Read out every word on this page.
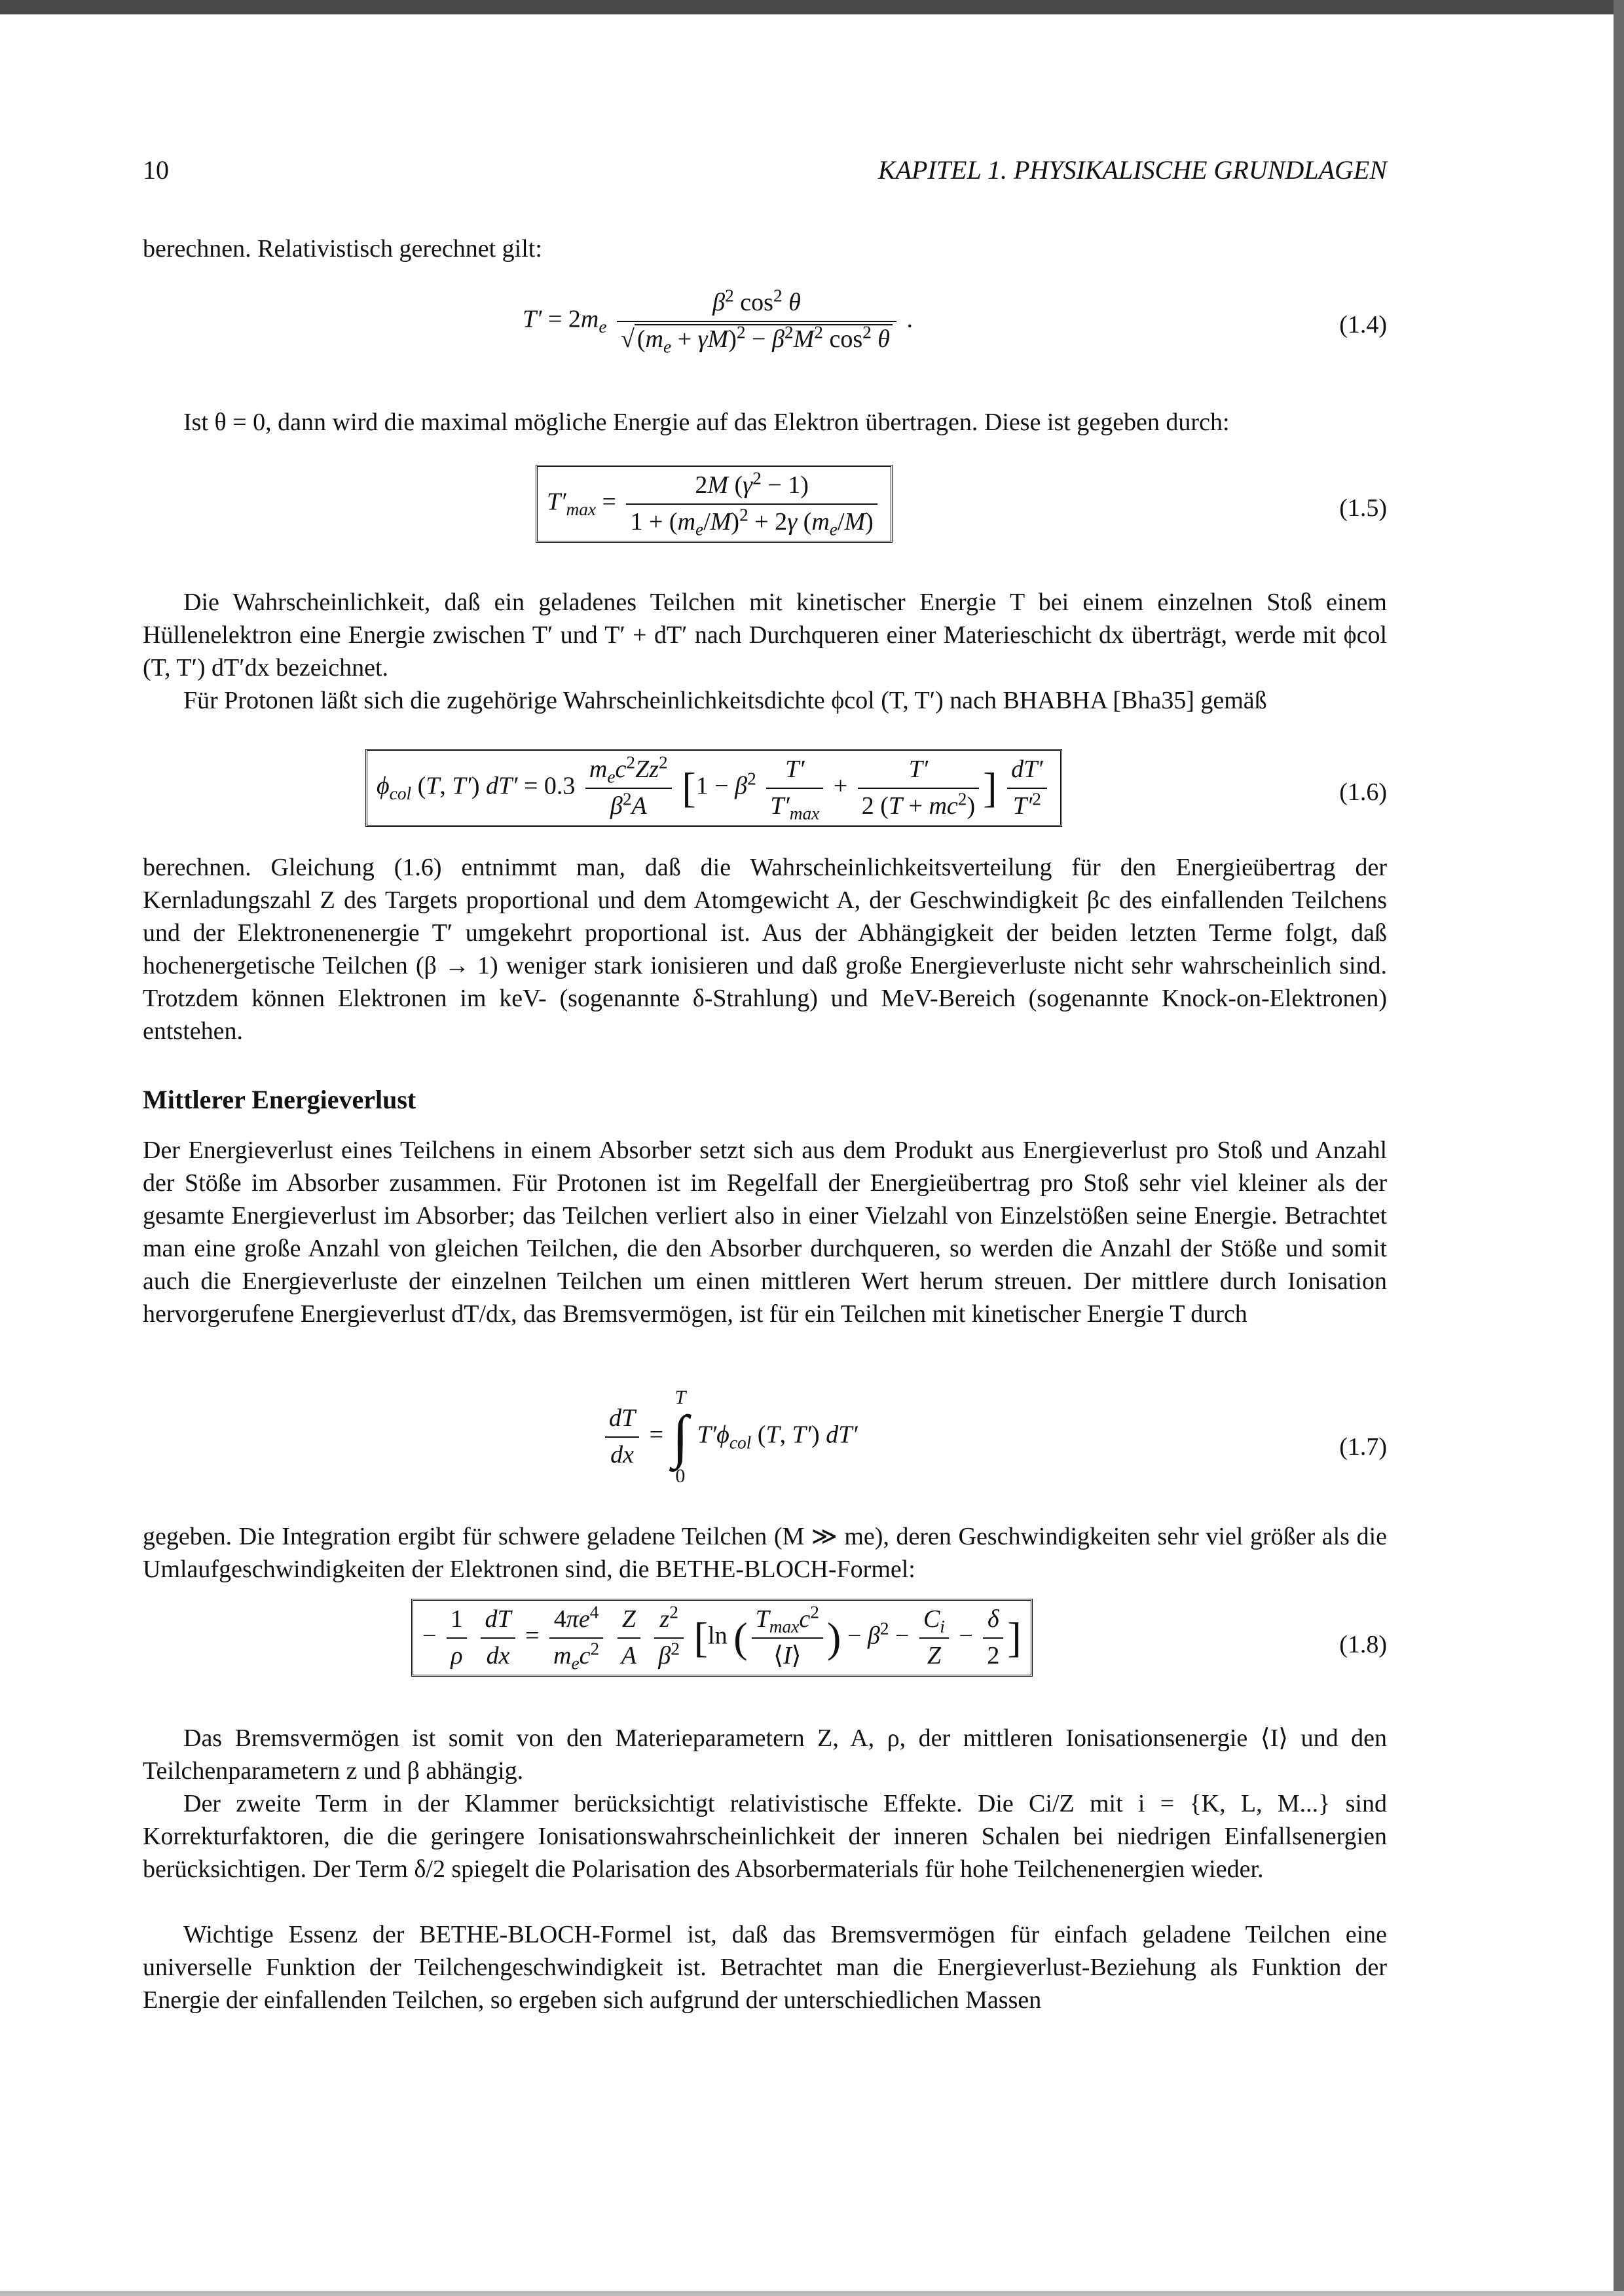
10	KAPITEL 1. PHYSIKALISCHE GRUNDLAGEN
berechnen. Relativistisch gerechnet gilt:
$T' = 2m_e \frac{\beta^2 \cos^2 \theta}{√ (m_e + \gamma M)^2 - \beta^2M^2 \cos^2 \theta}$ .	(1.4)
Ist θ = 0, dann wird die maximal mögliche Energie auf das Elektron übertragen. Diese ist gegeben durch:
$T'_{max} = \frac{2M (\gamma^2 - 1)}{1 + (m_e/M)^2 + 2\gamma (m_e/M)}$	(1.5)
Die Wahrscheinlichkeit, daß ein geladenes Teilchen mit kinetischer Energie T bei einem einzelnen Stoß einem Hüllenelektron eine Energie zwischen T′ und T′ + dT′ nach Durchqueren einer Materieschicht dx überträgt, werde mit ϕcol (T, T′) dT′dx bezeichnet.
Für Protonen läßt sich die zugehörige Wahrscheinlichkeitsdichte ϕcol (T, T′) nach BHABHA [Bha35] gemäß
$\phi_{col}$ (T, T′) $dT' = 0.3 \frac{m_ec^2Zz^2}{\beta^2A} [1 - \beta^2 \frac{T'}{T'_{max}} + \frac{T'}{2 (T + mc^2)}$ ] $\frac{dT'}{T'^2}$	(1.6)
berechnen. Gleichung (1.6) entnimmt man, daß die Wahrscheinlichkeitsverteilung für den Energieübertrag der Kernladungszahl Z des Targets proportional und dem Atomgewicht A, der Geschwindigkeit βc des einfallenden Teilchens und der Elektronenenergie T′ umgekehrt proportional ist. Aus der Abhängigkeit der beiden letzten Terme folgt, daß hochenergetische Teilchen (β → 1) weniger stark ionisieren und daß große Energieverluste nicht sehr wahrscheinlich sind. Trotzdem können Elektronen im keV- (sogenannte δ-Strahlung) und MeV-Bereich (sogenannte Knock-on-Elektronen) entstehen.
Mittlerer Energieverlust
Der Energieverlust eines Teilchens in einem Absorber setzt sich aus dem Produkt aus Energieverlust pro Stoß und Anzahl der Stöße im Absorber zusammen. Für Protonen ist im Regelfall der Energieübertrag pro Stoß sehr viel kleiner als der gesamte Energieverlust im Absorber; das Teilchen verliert also in einer Vielzahl von Einzelstößen seine Energie. Betrachtet man eine große Anzahl von gleichen Teilchen, die den Absorber durchqueren, so werden die Anzahl der Stöße und somit auch die Energieverluste der einzelnen Teilchen um einen mittleren Wert herum streuen. Der mittlere durch Ionisation hervorgerufene Energieverlust dT/dx, das Bremsvermögen, ist für ein Teilchen mit kinetischer Energie T durch
$\frac{dT}{dx}$ =
T
∫
0
$T'\phi_{col}$ (T, T′) dT′	(1.7)
gegeben. Die Integration ergibt für schwere geladene Teilchen (M ≫ me), deren Geschwindigkeiten sehr viel größer als die Umlaufgeschwindigkeiten der Elektronen sind, die BETHE-BLOCH-Formel:
− $\frac{1}{\rho}$
$\frac{dT}{dx} = \frac{4\pi e^4}{m_ec^2}$
$\frac{Z}{A}$
$\frac{z^2}{\beta^2} [\ln$ ( $\frac{T_{max}c^2}{⟨I⟩}$ ) − $\beta^2 - \frac{C_i}{Z} - \frac{\delta}{2}$ ]	(1.8)
Das Bremsvermögen ist somit von den Materieparametern Z, A, ρ, der mittleren Ionisationsenergie ⟨I⟩ und den Teilchenparametern z und β abhängig.
Der zweite Term in der Klammer berücksichtigt relativistische Effekte. Die Ci/Z mit i = {K, L, M...} sind Korrekturfaktoren, die die geringere Ionisationswahrscheinlichkeit der inneren Schalen bei niedrigen Einfallsenergien berücksichtigen. Der Term δ/2 spiegelt die Polarisation des Absorbermaterials für hohe Teilchenenergien wieder.
Wichtige Essenz der BETHE-BLOCH-Formel ist, daß das Bremsvermögen für einfach geladene Teilchen eine universelle Funktion der Teilchengeschwindigkeit ist. Betrachtet man die Energieverlust-Beziehung als Funktion der Energie der einfallenden Teilchen, so ergeben sich aufgrund der unterschiedlichen Massen
